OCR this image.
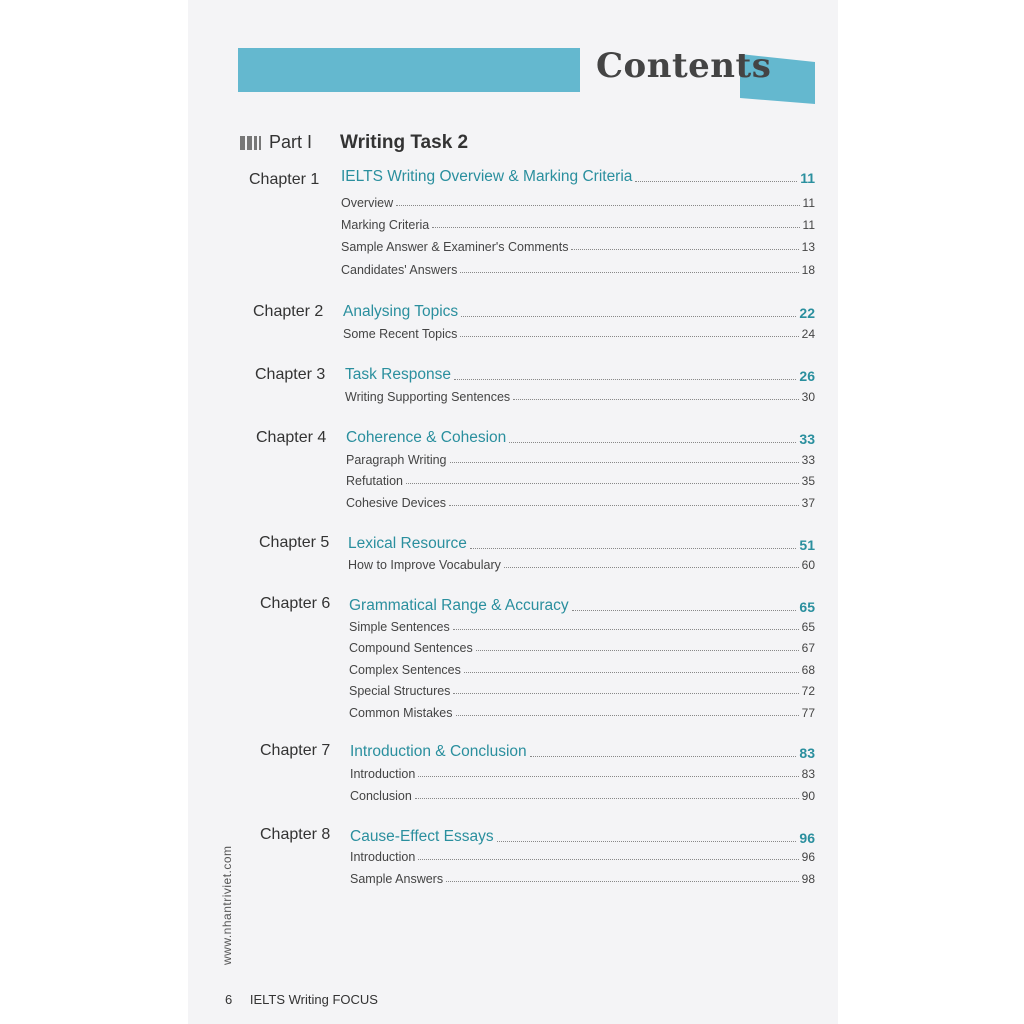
Contents
Part I Writing Task 2
Chapter 1 IELTS Writing Overview & Marking Criteria	11
Overview	11
Marking Criteria	11
Sample Answer & Examiner's Comments	13
Candidates' Answers	18
Chapter 2 Analysing Topics	22
Some Recent Topics	24
Chapter 3 Task Response	26
Writing Supporting Sentences	30
Chapter 4 Coherence & Cohesion	33
Paragraph Writing	33
Refutation	35
Cohesive Devices	37
Chapter 5 Lexical Resource	51
How to Improve Vocabulary	60
Chapter 6 Grammatical Range & Accuracy	65
Simple Sentences	65
Compound Sentences	67
Complex Sentences	68
Special Structures	72
Common Mistakes	77
Chapter 7 Introduction & Conclusion	83
Introduction	83
Conclusion	90
Chapter 8 Cause-Effect Essays	96
Introduction	96
Sample Answers	98
www.nhantriviet.com
6 IELTS Writing FOCUS
